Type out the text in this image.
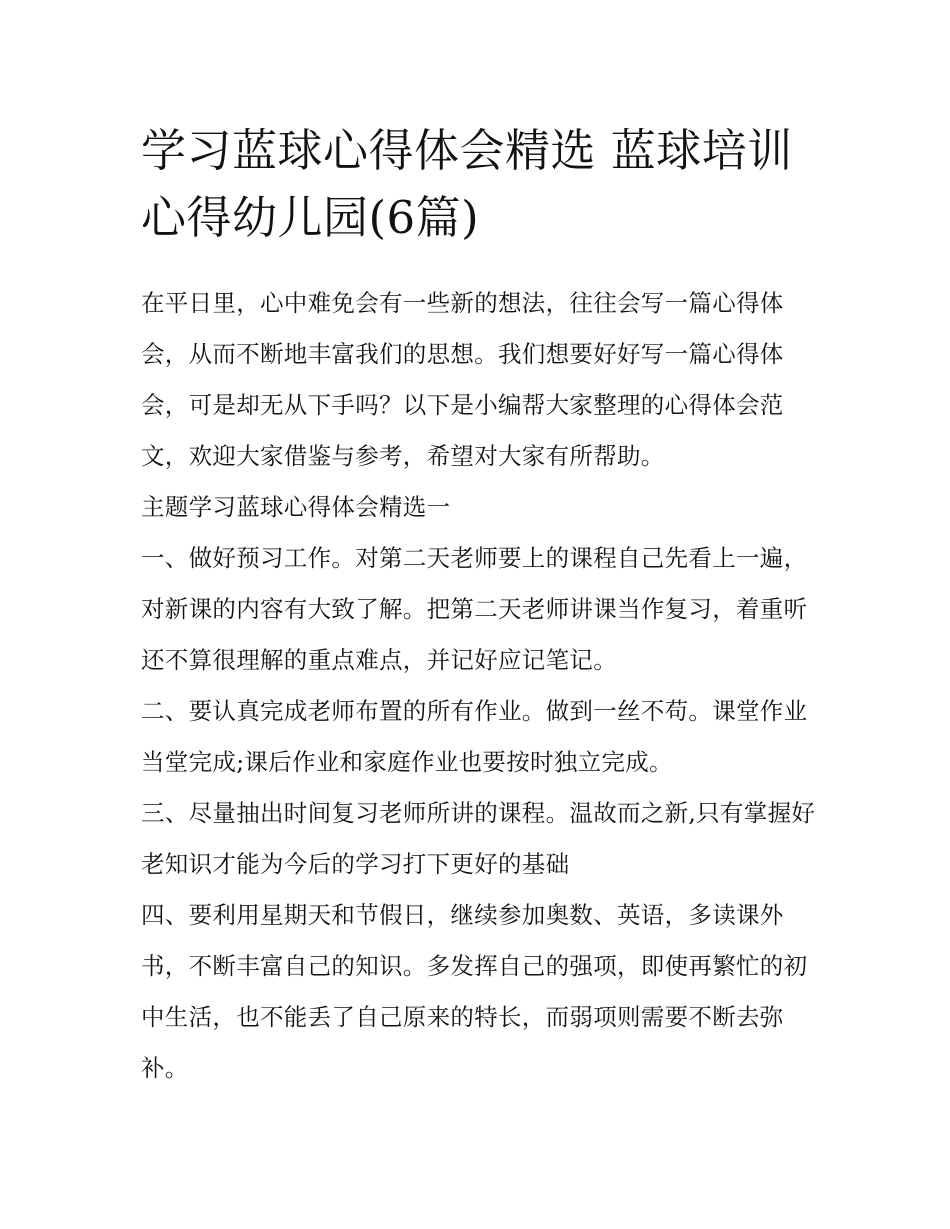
学习蓝球心得体会精选 蓝球培训心得幼儿园(6篇)

在平日里，心中难免会有一些新的想法，往往会写一篇心得体会，从而不断地丰富我们的思想。我们想要好好写一篇心得体会，可是却无从下手吗？以下是小编帮大家整理的心得体会范文，欢迎大家借鉴与参考，希望对大家有所帮助。

主题学习蓝球心得体会精选一

一、做好预习工作。对第二天老师要上的课程自己先看上一遍，对新课的内容有大致了解。把第二天老师讲课当作复习，着重听还不算很理解的重点难点，并记好应记笔记。

二、要认真完成老师布置的所有作业。做到一丝不苟。课堂作业当堂完成;课后作业和家庭作业也要按时独立完成。

三、尽量抽出时间复习老师所讲的课程。温故而之新,只有掌握好老知识才能为今后的学习打下更好的基础

四、要利用星期天和节假日，继续参加奥数、英语，多读课外书，不断丰富自己的知识。多发挥自己的强项，即使再繁忙的初中生活，也不能丢了自己原来的特长，而弱项则需要不断去弥补。
